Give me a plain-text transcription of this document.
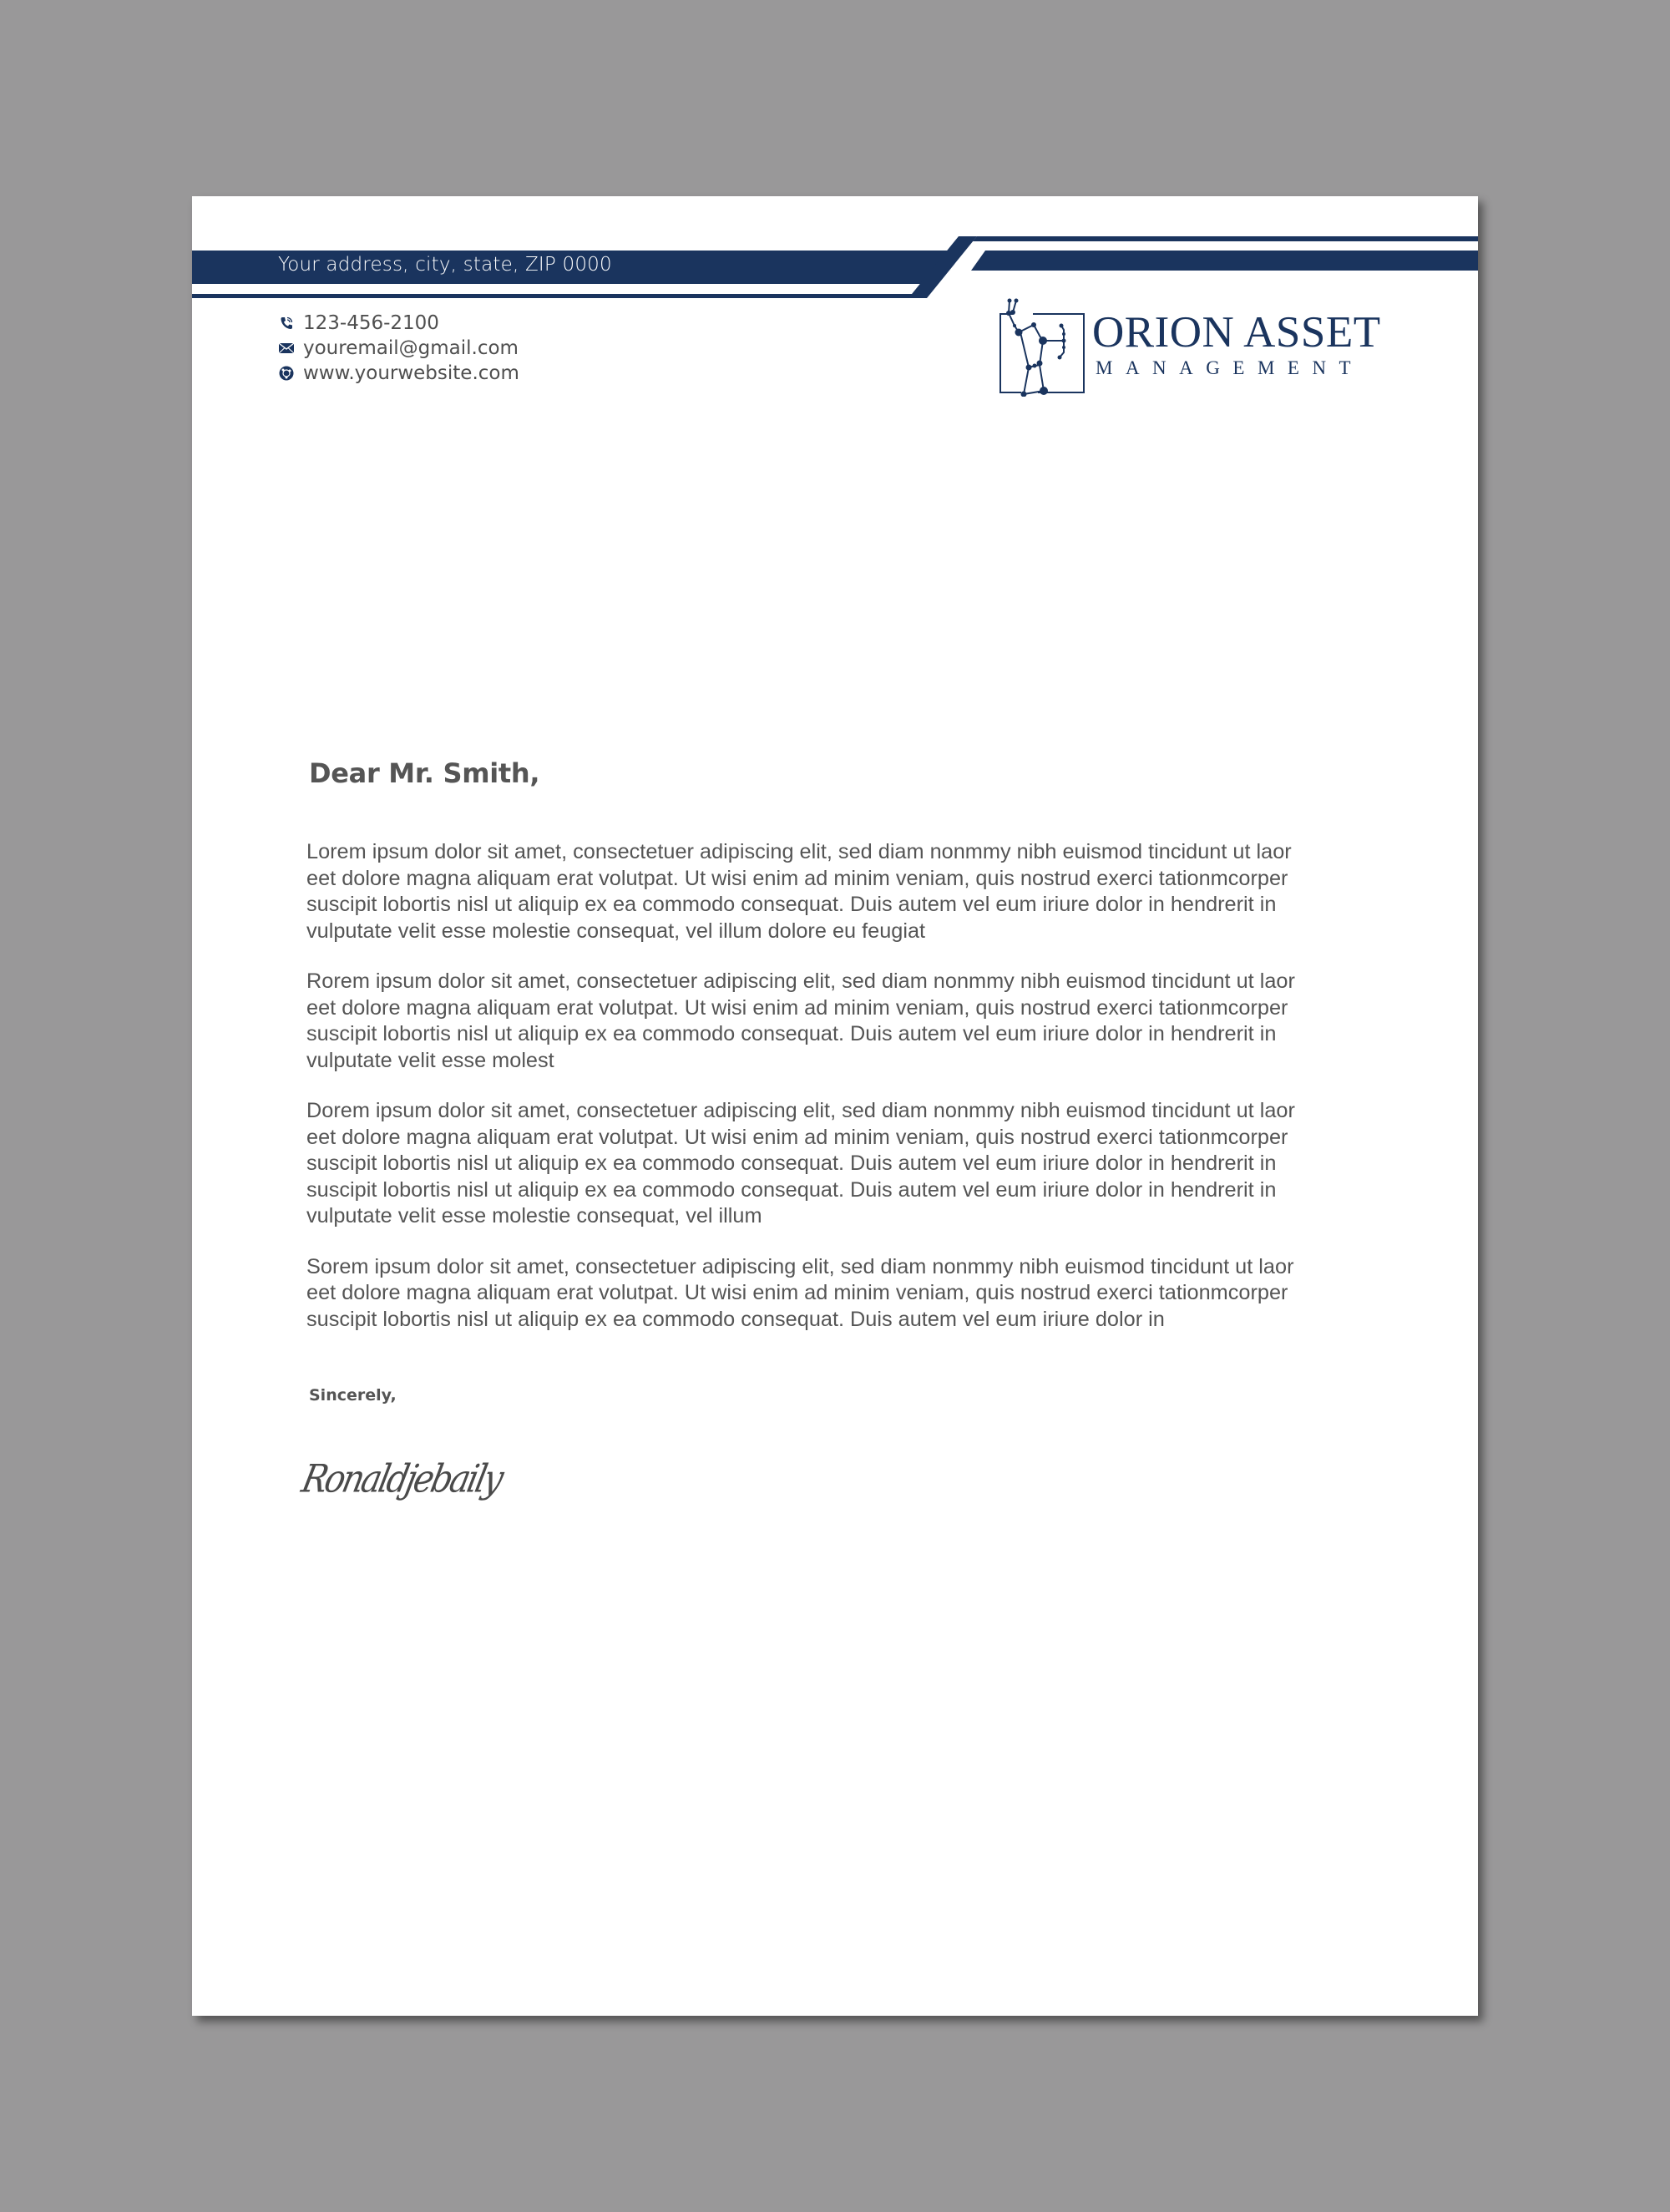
Your address, city, state, ZIP 0000
123-456-2100
youremail@gmail.com
www.yourwebsite.com
ORION ASSET
MANAGEMENT
Dear Mr. Smith,

Lorem ipsum dolor sit amet, consectetuer adipiscing elit, sed diam nonmmy nibh euismod tincidunt ut laor
eet dolore magna aliquam erat volutpat. Ut wisi enim ad minim veniam, quis nostrud exerci tationmcorper
suscipit lobortis nisl ut aliquip ex ea commodo consequat. Duis autem vel eum iriure dolor in hendrerit in
vulputate velit esse molestie consequat, vel illum dolore eu feugiat

Rorem ipsum dolor sit amet, consectetuer adipiscing elit, sed diam nonmmy nibh euismod tincidunt ut laor
eet dolore magna aliquam erat volutpat. Ut wisi enim ad minim veniam, quis nostrud exerci tationmcorper
suscipit lobortis nisl ut aliquip ex ea commodo consequat. Duis autem vel eum iriure dolor in hendrerit in
vulputate velit esse molest

Dorem ipsum dolor sit amet, consectetuer adipiscing elit, sed diam nonmmy nibh euismod tincidunt ut laor
eet dolore magna aliquam erat volutpat. Ut wisi enim ad minim veniam, quis nostrud exerci tationmcorper
suscipit lobortis nisl ut aliquip ex ea commodo consequat. Duis autem vel eum iriure dolor in hendrerit in
suscipit lobortis nisl ut aliquip ex ea commodo consequat. Duis autem vel eum iriure dolor in hendrerit in
vulputate velit esse molestie consequat, vel illum

Sorem ipsum dolor sit amet, consectetuer adipiscing elit, sed diam nonmmy nibh euismod tincidunt ut laor
eet dolore magna aliquam erat volutpat. Ut wisi enim ad minim veniam, quis nostrud exerci tationmcorper
suscipit lobortis nisl ut aliquip ex ea commodo consequat. Duis autem vel eum iriure dolor in

Sincerely,
Ronaldjebaily
